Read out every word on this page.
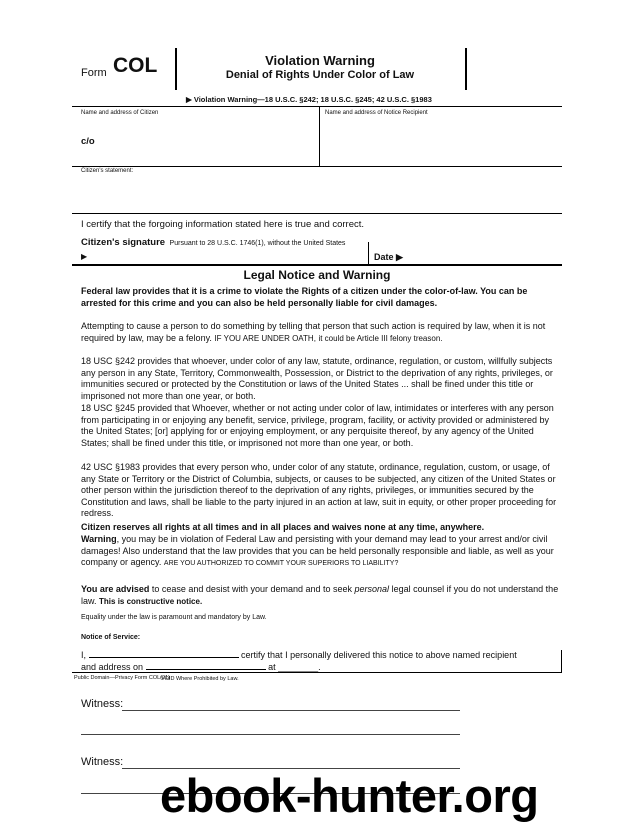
Form COL	Violation Warning
Denial of Rights Under Color of Law
▶ Violation Warning—18 U.S.C. §242; 18 U.S.C. §245; 42 U.S.C. §1983
Name and address of Citizen
c/o
Name and address of Notice Recipient
Citizen's statement:
I certify that the forgoing information stated here is true and correct.
Citizen's signature Pursuant to 28 U.S.C. 1746(1), without the United States
▶	Date ▶
Legal Notice and Warning
Federal law provides that it is a crime to violate the Rights of a citizen under the color-of-law. You can be arrested for this crime and you can also be held personally liable for civil damages.
Attempting to cause a person to do something by telling that person that such action is required by law, when it is not required by law, may be a felony. IF YOU ARE UNDER OATH, it could be Article III felony treason.
18 USC §242 provides that whoever, under color of any law, statute, ordinance, regulation, or custom, willfully subjects any person in any State, Territory, Commonwealth, Possession, or District to the deprivation of any rights, privileges, or immunities secured or protected by the Constitution or laws of the United States ... shall be fined under this title or imprisoned not more than one year, or both.
18 USC §245 provided that Whoever, whether or not acting under color of law, intimidates or interferes with any person from participating in or enjoying any benefit, service, privilege, program, facility, or activity provided or administered by the United States; [or] applying for or enjoying employment, or any perquisite thereof, by any agency of the United States; shall be fined under this title, or imprisoned not more than one year, or both.
42 USC §1983 provides that every person who, under color of any statute, ordinance, regulation, custom, or usage, of any State or Territory or the District of Columbia, subjects, or causes to be subjected, any citizen of the United States or other person within the jurisdiction thereof to the deprivation of any rights, privileges, or immunities secured by the Constitution and laws, shall be liable to the party injured in an action at law, suit in equity, or other proper proceeding for redress.
Citizen reserves all rights at all times and in all places and waives none at any time, anywhere.
Warning, you may be in violation of Federal Law and persisting with your demand may lead to your arrest and/or civil damages! Also understand that the law provides that you can be held personally responsible and liable, as well as your company or agency. ARE YOU AUTHORIZED TO COMMIT YOUR SUPERIORS TO LIABILITY?
You are advised to cease and desist with your demand and to seek personal legal counsel if you do not understand the law. This is constructive notice.
Equality under the law is paramount and mandatory by Law.
Notice of Service:
I,	certify that I personally delivered this notice to above named recipient
and address on	at ________.
Public Domain—Privacy Form COL(01)
VOID Where Prohibited by Law.
Witness:
Witness:
ebook-hunter.org
